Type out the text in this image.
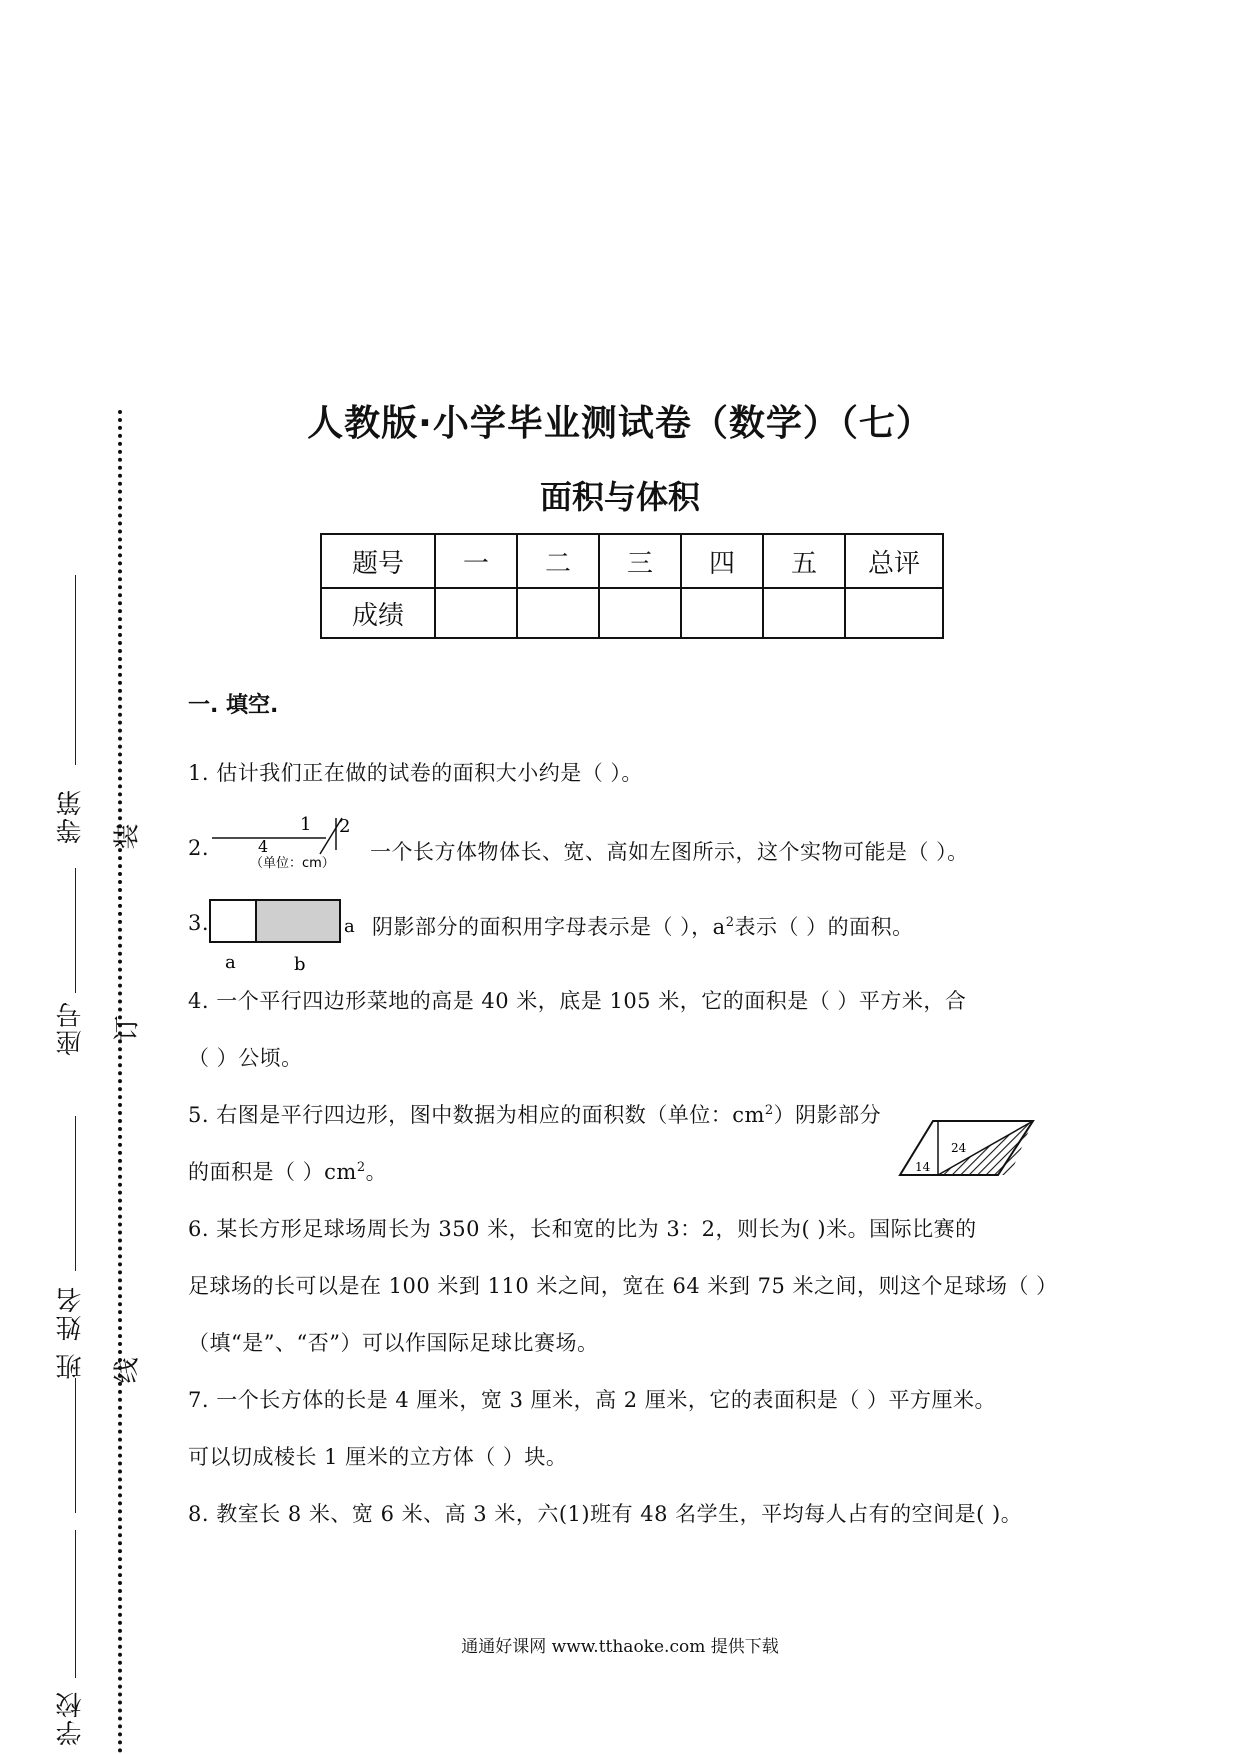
装
订
线
学校
班 姓名
座号
等第
人教版·小学毕业测试卷（数学）（七）
面积与体积
题号	一	二	三	四	五	总评
成绩						
一. 填空.
1. 估计我们正在做的试卷的面积大小约是（ ）。
2.
1 2
4
（单位：cm） 一个长方体物体长、宽、高如左图所示，这个实物可能是（ ）。
3.	a
a	b
阴影部分的面积用字母表示是（ ），$a^2$表示（ ）的面积。
4. 一个平行四边形菜地的高是 40 米，底是 105 米，它的面积是（ ）平方米，合
（ ）公顷。
5. 右图是平行四边形，图中数据为相应的面积数（单位：$cm^2$）阴影部分
的面积是（ ）$cm^2$。	14
24
6. 某长方形足球场周长为 350 米，长和宽的比为 3：2，则长为( )米。国际比赛的
足球场的长可以是在 100 米到 110 米之间，宽在 64 米到 75 米之间，则这个足球场（ ）
（填“是”、“否”）可以作国际足球比赛场。
7. 一个长方体的长是 4 厘米，宽 3 厘米，高 2 厘米，它的表面积是（ ）平方厘米。
可以切成棱长 1 厘米的立方体（ ）块。
8. 教室长 8 米、宽 6 米、高 3 米，六(1)班有 48 名学生，平均每人占有的空间是( )。
通通好课网 www.tthaoke.com 提供下载
